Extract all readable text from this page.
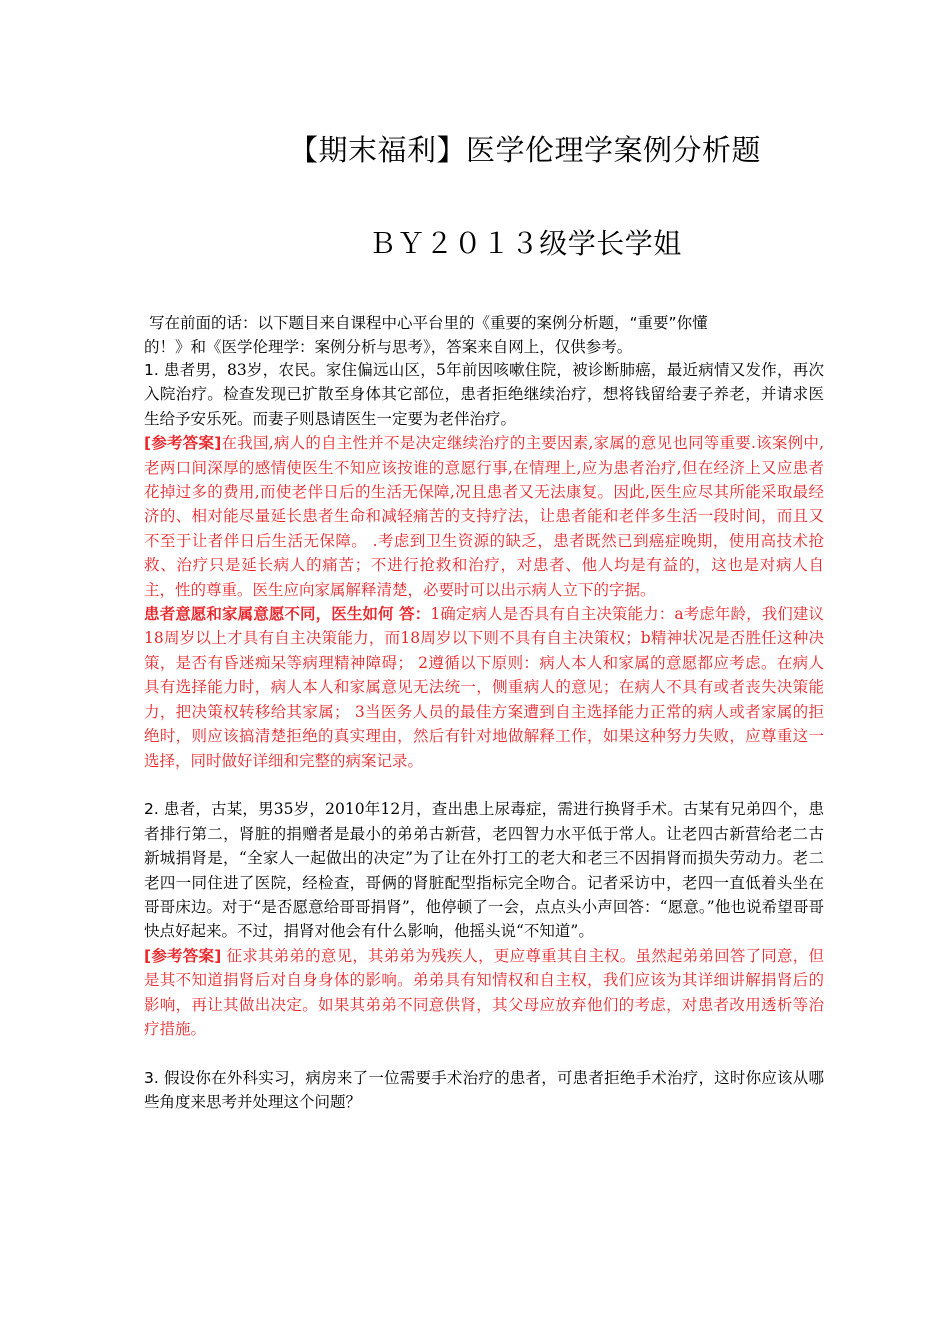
【期末福利】医学伦理学案例分析题
ＢＹ２０１３级学长学姐
写在前面的话：以下题目来自课程中心平台里的《重要的案例分析题，“重要”你懂
的！》和《医学伦理学：案例分析与思考》，答案来自网上，仅供参考。

1. 患者男，83岁，农民。家住偏远山区，5年前因咳嗽住院，被诊断肺癌，最近病情又发作，再次入院治疗。检查发现已扩散至身体其它部位，患者拒绝继续治疗，想将钱留给妻子养老，并请求医生给予安乐死。而妻子则恳请医生一定要为老伴治疗。

[参考答案]在我国,病人的自主性并不是决定继续治疗的主要因素,家属的意见也同等重要.该案例中,老两口间深厚的感情使医生不知应该按谁的意愿行事,在情理上,应为患者治疗,但在经济上又应患者花掉过多的费用,而使老伴日后的生活无保障,况且患者又无法康复。因此,医生应尽其所能采取最经济的、相对能尽量延长患者生命和减轻痛苦的支持疗法，让患者能和老伴多生活一段时间，而且又不至于让者伴日后生活无保障。 .考虑到卫生资源的缺乏，患者既然已到癌症晚期，使用高技术抢救、治疗只是延长病人的痛苦；不进行抢救和治疗，对患者、他人均是有益的，这也是对病人自主，性的尊重。医生应向家属解释清楚，必要时可以出示病人立下的字据。

患者意愿和家属意愿不同，医生如何 答：1确定病人是否具有自主决策能力：a考虑年龄，我们建议18周岁以上才具有自主决策能力，而18周岁以下则不具有自主决策权；b精神状况是否胜任这种决策，是否有昏迷痴呆等病理精神障碍； 2遵循以下原则：病人本人和家属的意愿都应考虑。在病人具有选择能力时，病人本人和家属意见无法统一，侧重病人的意见；在病人不具有或者丧失决策能力，把决策权转移给其家属； 3当医务人员的最佳方案遭到自主选择能力正常的病人或者家属的拒绝时，则应该搞清楚拒绝的真实理由，然后有针对地做解释工作，如果这种努力失败，应尊重这一选择，同时做好详细和完整的病案记录。

2. 患者，古某，男35岁，2010年12月，查出患上尿毒症，需进行换肾手术。古某有兄弟四个，患者排行第二，肾脏的捐赠者是最小的弟弟古新营，老四智力水平低于常人。让老四古新营给老二古新城捐肾是，“全家人一起做出的决定”为了让在外打工的老大和老三不因捐肾而损失劳动力。老二老四一同住进了医院，经检查，哥俩的肾脏配型指标完全吻合。记者采访中，老四一直低着头坐在哥哥床边。对于“是否愿意给哥哥捐肾”，他停顿了一会，点点头小声回答：“愿意。”他也说希望哥哥快点好起来。不过，捐肾对他会有什么影响，他摇头说“不知道”。

[参考答案] 征求其弟弟的意见，其弟弟为残疾人，更应尊重其自主权。虽然起弟弟回答了同意，但是其不知道捐肾后对自身身体的影响。弟弟具有知情权和自主权，我们应该为其详细讲解捐肾后的影响，再让其做出决定。如果其弟弟不同意供肾，其父母应放弃他们的考虑，对患者改用透析等治疗措施。

3. 假设你在外科实习，病房来了一位需要手术治疗的患者，可患者拒绝手术治疗，这时你应该从哪些角度来思考并处理这个问题？
